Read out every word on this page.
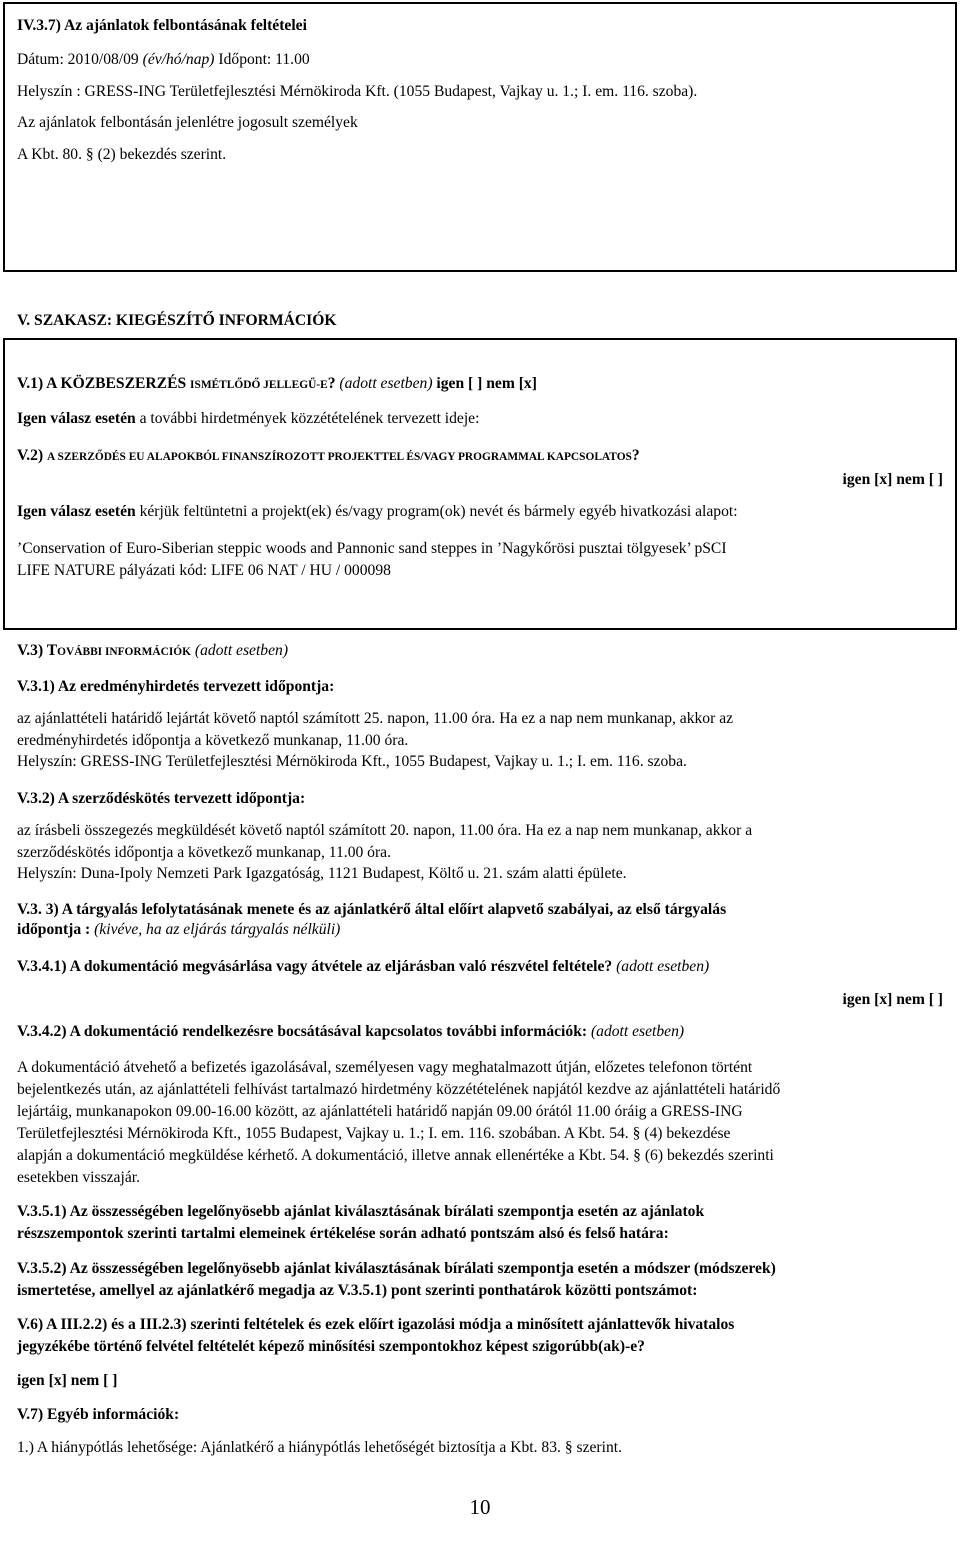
IV.3.7) Az ajánlatok felbontásának feltételei
Dátum: 2010/08/09 (év/hó/nap) Időpont: 11.00
Helyszín : GRESS-ING Területfejlesztési Mérnökiroda Kft. (1055 Budapest, Vajkay u. 1.; I. em. 116. szoba).
Az ajánlatok felbontásán jelenlétre jogosult személyek
A Kbt. 80. § (2) bekezdés szerint.
V. SZAKASZ: KIEGÉSZÍTŐ INFORMÁCIÓK
V.1) A KÖZBESZERZÉS ISMÉTLŐDŐ JELLEGŰ-E? (adott esetben) igen [ ] nem [x]
Igen válasz esetén a további hirdetmények közzétételének tervezett ideje:
V.2) A SZERZŐDÉS EU ALAPOKBÓL FINANSZÍROZOTT PROJEKTTEL ÉS/VAGY PROGRAMMAL KAPCSOLATOS?
igen [x] nem [ ]
Igen válasz esetén kérjük feltüntetni a projekt(ek) és/vagy program(ok) nevét és bármely egyéb hivatkozási alapot:
’Conservation of Euro-Siberian steppic woods and Pannonic sand steppes in ’Nagykőrösi pusztai tölgyesek’ pSCI
LIFE NATURE pályázati kód: LIFE 06 NAT / HU / 000098
V.3) TOVÁBBI INFORMÁCIÓK (adott esetben)
V.3.1) Az eredményhirdetés tervezett időpontja:
az ajánlattételi határidő lejártát követő naptól számított 25. napon, 11.00 óra. Ha ez a nap nem munkanap, akkor az
eredményhirdetés időpontja a következő munkanap, 11.00 óra.
Helyszín: GRESS-ING Területfejlesztési Mérnökiroda Kft., 1055 Budapest, Vajkay u. 1.; I. em. 116. szoba.
V.3.2) A szerződéskötés tervezett időpontja:
az írásbeli összegezés megküldését követő naptól számított 20. napon, 11.00 óra. Ha ez a nap nem munkanap, akkor a
szerződéskötés időpontja a következő munkanap, 11.00 óra.
Helyszín: Duna-Ipoly Nemzeti Park Igazgatóság, 1121 Budapest, Költő u. 21. szám alatti épülete.
V.3. 3) A tárgyalás lefolytatásának menete és az ajánlatkérő által előírt alapvető szabályai, az első tárgyalás
időpontja : (kivéve, ha az eljárás tárgyalás nélküli)
V.3.4.1) A dokumentáció megvásárlása vagy átvétele az eljárásban való részvétel feltétele? (adott esetben)
igen [x] nem [ ]
V.3.4.2) A dokumentáció rendelkezésre bocsátásával kapcsolatos további információk: (adott esetben)
A dokumentáció átvehető a befizetés igazolásával, személyesen vagy meghatalmazott útján, előzetes telefonon történt
bejelentkezés után, az ajánlattételi felhívást tartalmazó hirdetmény közzétételének napjától kezdve az ajánlattételi határidő
lejártáig, munkanapokon 09.00-16.00 között, az ajánlattételi határidő napján 09.00 órától 11.00 óráig a GRESS-ING
Területfejlesztési Mérnökiroda Kft., 1055 Budapest, Vajkay u. 1.; I. em. 116. szobában. A Kbt. 54. § (4) bekezdése
alapján a dokumentáció megküldése kérhető. A dokumentáció, illetve annak ellenértéke a Kbt. 54. § (6) bekezdés szerinti
esetekben visszajár.
V.3.5.1) Az összességében legelőnyösebb ajánlat kiválasztásának bírálati szempontja esetén az ajánlatok
részszempontok szerinti tartalmi elemeinek értékelése során adható pontszám alsó és felső határa:
V.3.5.2) Az összességében legelőnyösebb ajánlat kiválasztásának bírálati szempontja esetén a módszer (módszerek)
ismertetése, amellyel az ajánlatkérő megadja az V.3.5.1) pont szerinti ponthatárok közötti pontszámot:
V.6) A III.2.2) és a III.2.3) szerinti feltételek és ezek előírt igazolási módja a minősített ajánlattevők hivatalos
jegyzékébe történő felvétel feltételét képező minősítési szempontokhoz képest szigorúbb(ak)-e?
igen [x] nem [ ]
V.7) Egyéb információk:
1.) A hiánypótlás lehetősége: Ajánlatkérő a hiánypótlás lehetőségét biztosítja a Kbt. 83. § szerint.
10
